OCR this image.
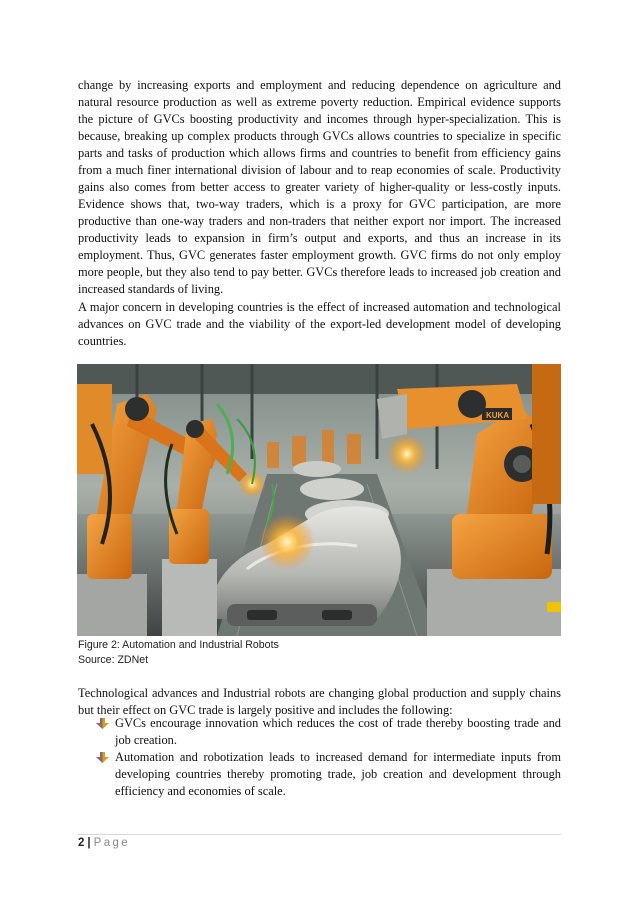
change by increasing exports and employment and reducing dependence on agriculture and natural resource production as well as extreme poverty reduction. Empirical evidence supports the picture of GVCs boosting productivity and incomes through hyper-specialization. This is because, breaking up complex products through GVCs allows countries to specialize in specific parts and tasks of production which allows firms and countries to benefit from efficiency gains from a much finer international division of labour and to reap economies of scale. Productivity gains also comes from better access to greater variety of higher-quality or less-costly inputs. Evidence shows that, two-way traders, which is a proxy for GVC participation, are more productive than one-way traders and non-traders that neither export nor import. The increased productivity leads to expansion in firm’s output and exports, and thus an increase in its employment. Thus, GVC generates faster employment growth. GVC firms do not only employ more people, but they also tend to pay better. GVCs therefore leads to increased job creation and increased standards of living.

A major concern in developing countries is the effect of increased automation and technological advances on GVC trade and the viability of the export-led development model of developing countries.

KUKA
Figure 2: Automation and Industrial Robots
Source: ZDNet

Technological advances and Industrial robots are changing global production and supply chains but their effect on GVC trade is largely positive and includes the following:

GVCs encourage innovation which reduces the cost of trade thereby boosting trade and job creation.
Automation and robotization leads to increased demand for intermediate inputs from developing countries thereby promoting trade, job creation and development through efficiency and economies of scale.
2 | Page
